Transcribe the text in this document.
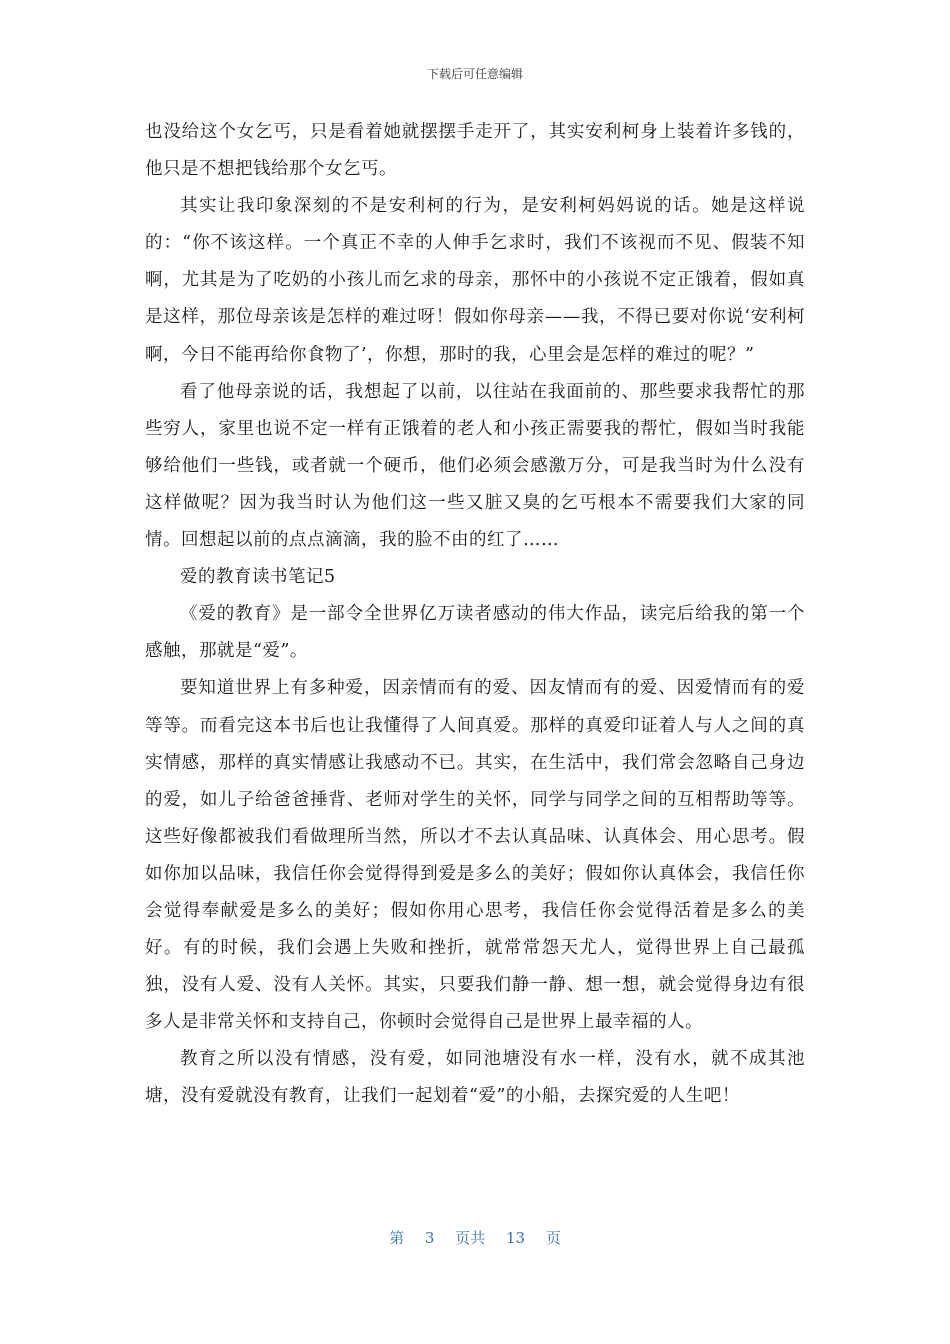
下载后可任意编辑

也没给这个女乞丐，只是看着她就摆摆手走开了，其实安利柯身上装着许多钱的，他只是不想把钱给那个女乞丐。

其实让我印象深刻的不是安利柯的行为，是安利柯妈妈说的话。她是这样说的：“你不该这样。一个真正不幸的人伸手乞求时，我们不该视而不见、假装不知啊，尤其是为了吃奶的小孩儿而乞求的母亲，那怀中的小孩说不定正饿着，假如真是这样，那位母亲该是怎样的难过呀！假如你母亲——我，不得已要对你说‘安利柯啊，今日不能再给你食物了’，你想，那时的我，心里会是怎样的难过的呢？”

看了他母亲说的话，我想起了以前，以往站在我面前的、那些要求我帮忙的那些穷人，家里也说不定一样有正饿着的老人和小孩正需要我的帮忙，假如当时我能够给他们一些钱，或者就一个硬币，他们必须会感激万分，可是我当时为什么没有这样做呢？因为我当时认为他们这一些又脏又臭的乞丐根本不需要我们大家的同情。回想起以前的点点滴滴，我的脸不由的红了……

爱的教育读书笔记5

《爱的教育》是一部令全世界亿万读者感动的伟大作品，读完后给我的第一个感触，那就是“爱”。

要知道世界上有多种爱，因亲情而有的爱、因友情而有的爱、因爱情而有的爱等等。而看完这本书后也让我懂得了人间真爱。那样的真爱印证着人与人之间的真实情感，那样的真实情感让我感动不已。其实，在生活中，我们常会忽略自己身边的爱，如儿子给爸爸捶背、老师对学生的关怀，同学与同学之间的互相帮助等等。这些好像都被我们看做理所当然，所以才不去认真品味、认真体会、用心思考。假如你加以品味，我信任你会觉得得到爱是多么的美好；假如你认真体会，我信任你会觉得奉献爱是多么的美好；假如你用心思考，我信任你会觉得活着是多么的美好。有的时候，我们会遇上失败和挫折，就常常怨天尤人，觉得世界上自己最孤独，没有人爱、没有人关怀。其实，只要我们静一静、想一想，就会觉得身边有很多人是非常关怀和支持自己，你顿时会觉得自己是世界上最幸福的人。

教育之所以没有情感，没有爱，如同池塘没有水一样，没有水，就不成其池塘，没有爱就没有教育，让我们一起划着“爱”的小船，去探究爱的人生吧！

第 3 页共 13 页
